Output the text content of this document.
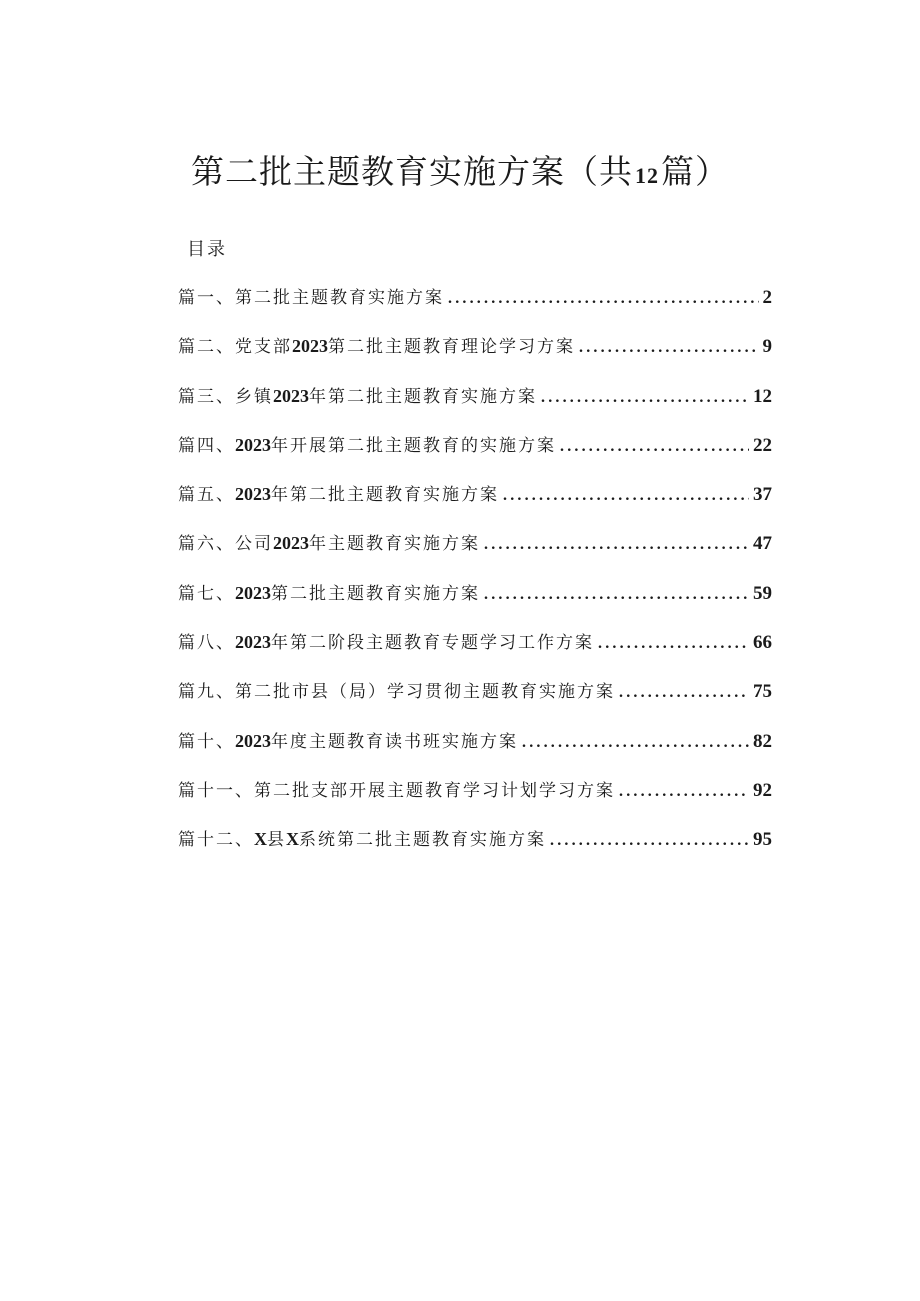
第二批主题教育实施方案（共12篇）
目录
篇一、第二批主题教育实施方案 .....	2
篇二、党支部2023第二批主题教育理论学习方案 .....	9
篇三、乡镇2023年第二批主题教育实施方案 .....	12
篇四、2023年开展第二批主题教育的实施方案 .....	22
篇五、2023年第二批主题教育实施方案 .....	37
篇六、公司2023年主题教育实施方案 .....	47
篇七、2023第二批主题教育实施方案 .....	59
篇八、2023年第二阶段主题教育专题学习工作方案 .....	66
篇九、第二批市县（局）学习贯彻主题教育实施方案 .....	75
篇十、2023年度主题教育读书班实施方案 .....	82
篇十一、第二批支部开展主题教育学习计划学习方案 .....	92
篇十二、X县X系统第二批主题教育实施方案 .....	95
